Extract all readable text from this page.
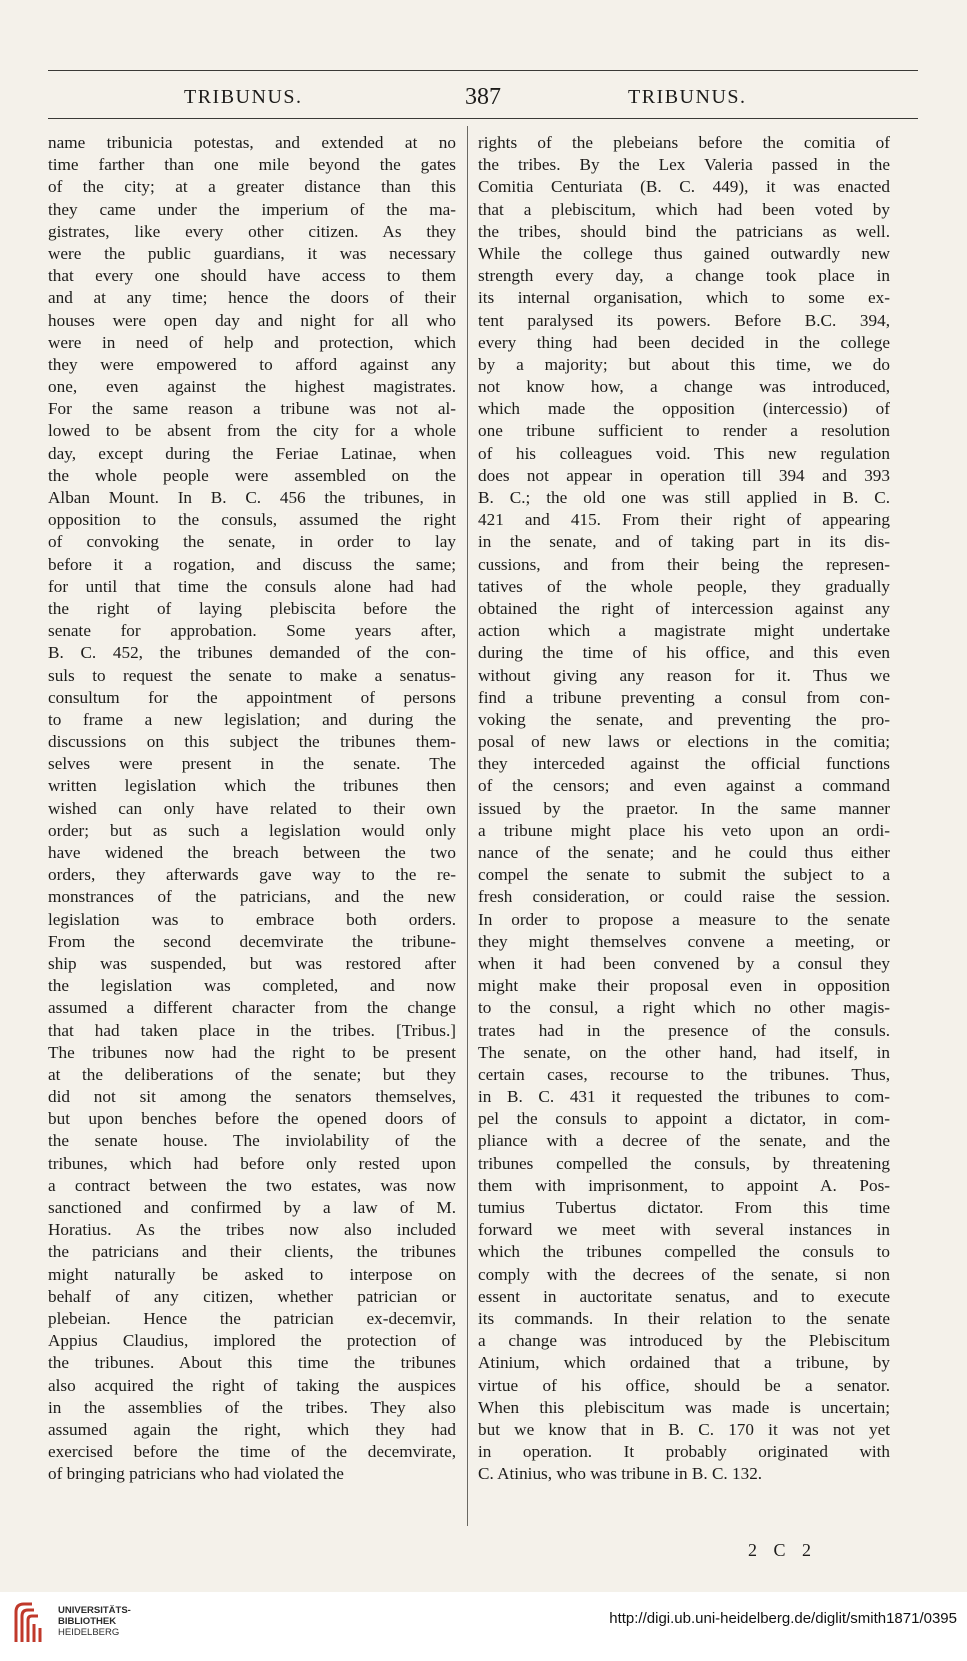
TRIBUNUS.	387	TRIBUNUS.
name tribunicia potestas, and extended at no
time farther than one mile beyond the gates
of the city; at a greater distance than this
they came under the imperium of the ma-
gistrates, like every other citizen. As they
were the public guardians, it was necessary
that every one should have access to them
and at any time; hence the doors of their
houses were open day and night for all who
were in need of help and protection, which
they were empowered to afford against any
one, even against the highest magistrates.
For the same reason a tribune was not al-
lowed to be absent from the city for a whole
day, except during the Feriae Latinae, when
the whole people were assembled on the
Alban Mount. In B. C. 456 the tribunes, in
opposition to the consuls, assumed the right
of convoking the senate, in order to lay
before it a rogation, and discuss the same;
for until that time the consuls alone had had
the right of laying plebiscita before the
senate for approbation. Some years after,
B. C. 452, the tribunes demanded of the con-
suls to request the senate to make a senatus-
consultum for the appointment of persons
to frame a new legislation; and during the
discussions on this subject the tribunes them-
selves were present in the senate. The
written legislation which the tribunes then
wished can only have related to their own
order; but as such a legislation would only
have widened the breach between the two
orders, they afterwards gave way to the re-
monstrances of the patricians, and the new
legislation was to embrace both orders.
From the second decemvirate the tribune-
ship was suspended, but was restored after
the legislation was completed, and now
assumed a different character from the change
that had taken place in the tribes. [Tribus.]
The tribunes now had the right to be present
at the deliberations of the senate; but they
did not sit among the senators themselves,
but upon benches before the opened doors of
the senate house. The inviolability of the
tribunes, which had before only rested upon
a contract between the two estates, was now
sanctioned and confirmed by a law of M.
Horatius. As the tribes now also included
the patricians and their clients, the tribunes
might naturally be asked to interpose on
behalf of any citizen, whether patrician or
plebeian. Hence the patrician ex-decemvir,
Appius Claudius, implored the protection of
the tribunes. About this time the tribunes
also acquired the right of taking the auspices
in the assemblies of the tribes. They also
assumed again the right, which they had
exercised before the time of the decemvirate,
of bringing patricians who had violated the
rights of the plebeians before the comitia of
the tribes. By the Lex Valeria passed in the
Comitia Centuriata (B. C. 449), it was enacted
that a plebiscitum, which had been voted by
the tribes, should bind the patricians as well.
While the college thus gained outwardly new
strength every day, a change took place in
its internal organisation, which to some ex-
tent paralysed its powers. Before B.C. 394,
every thing had been decided in the college
by a majority; but about this time, we do
not know how, a change was introduced,
which made the opposition (intercessio) of
one tribune sufficient to render a resolution
of his colleagues void. This new regulation
does not appear in operation till 394 and 393
B. C.; the old one was still applied in B. C.
421 and 415. From their right of appearing
in the senate, and of taking part in its dis-
cussions, and from their being the represen-
tatives of the whole people, they gradually
obtained the right of intercession against any
action which a magistrate might undertake
during the time of his office, and this even
without giving any reason for it. Thus we
find a tribune preventing a consul from con-
voking the senate, and preventing the pro-
posal of new laws or elections in the comitia;
they interceded against the official functions
of the censors; and even against a command
issued by the praetor. In the same manner
a tribune might place his veto upon an ordi-
nance of the senate; and he could thus either
compel the senate to submit the subject to a
fresh consideration, or could raise the session.
In order to propose a measure to the senate
they might themselves convene a meeting, or
when it had been convened by a consul they
might make their proposal even in opposition
to the consul, a right which no other magis-
trates had in the presence of the consuls.
The senate, on the other hand, had itself, in
certain cases, recourse to the tribunes. Thus,
in B. C. 431 it requested the tribunes to com-
pel the consuls to appoint a dictator, in com-
pliance with a decree of the senate, and the
tribunes compelled the consuls, by threatening
them with imprisonment, to appoint A. Pos-
tumius Tubertus dictator. From this time
forward we meet with several instances in
which the tribunes compelled the consuls to
comply with the decrees of the senate, si non
essent in auctoritate senatus, and to execute
its commands. In their relation to the senate
a change was introduced by the Plebiscitum
Atinium, which ordained that a tribune, by
virtue of his office, should be a senator.
When this plebiscitum was made is uncertain;
but we know that in B. C. 170 it was not yet
in operation. It probably originated with
C. Atinius, who was tribune in B. C. 132.
2 C 2
UNIVERSITÄTS-
BIBLIOTHEK
HEIDELBERG
http://digi.ub.uni-heidelberg.de/diglit/smith1871/0395
